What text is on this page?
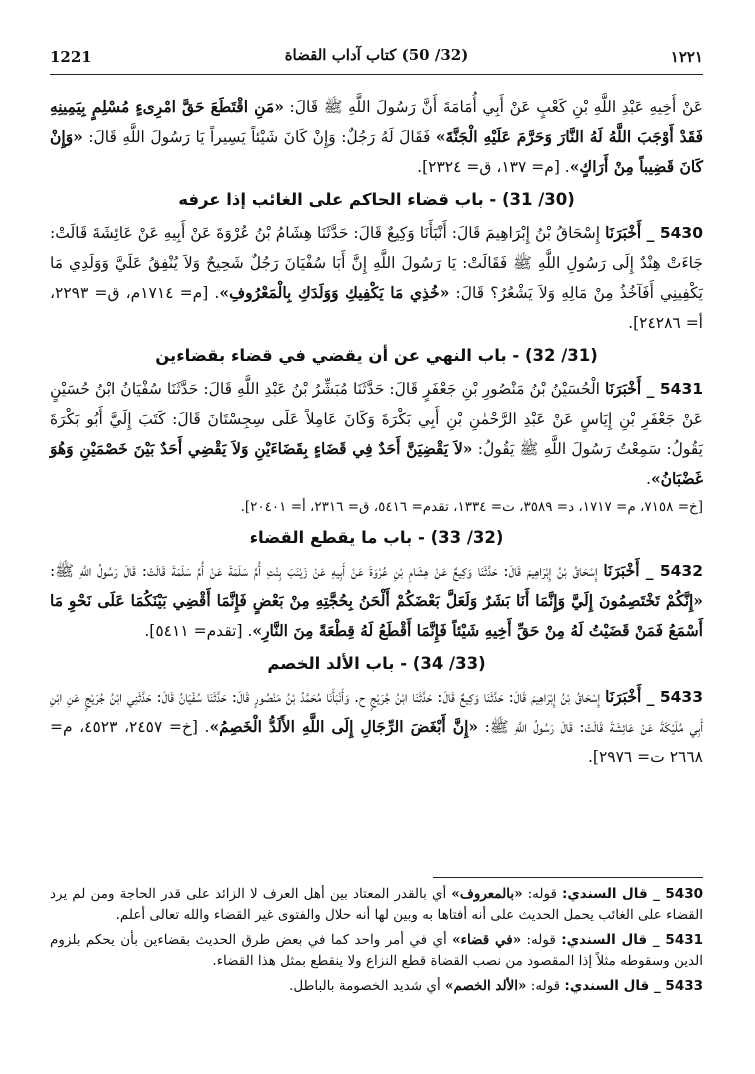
1221	(32/ 50) كتاب آداب القضاة	١٢٢١

عَنْ أَخِيهِ عَبْدِ اللَّهِ بْنِ كَعْبٍ عَنْ أَبِي أُمَامَةَ أَنَّ رَسُولَ اللَّهِ ﷺ قَالَ: «مَنِ اقْتَطَعَ حَقَّ امْرِىءٍ مُسْلِمٍ بِيَمِينِهِ فَقَدْ أَوْجَبَ اللَّهُ لَهُ النَّارَ وَحَرَّمَ عَلَيْهِ الْجَنَّةَ» فَقَالَ لَهُ رَجُلٌ: وَإِنْ كَانَ شَيْئاً يَسِيراً يَا رَسُولَ اللَّهِ قَالَ: «وَإِنْ كَانَ قَضِيباً مِنْ أَرَاكٍ». [م= ١٣٧، ق= ٢٣٢٤].

(30/ 31) - باب قضاء الحاكم على الغائب إذا عرفه

5430 _ أَخْبَرَنَا إِسْحَاقُ بْنُ إِبْرَاهِيمَ قَالَ: أَنْبَأَنَا وَكِيعٌ قَالَ: حَدَّثَنَا هِشَامُ بْنُ عُرْوَةَ عَنْ أَبِيهِ عَنْ عَائِشَةَ قَالَتْ: جَاءَتْ هِنْدٌ إِلَى رَسُولِ اللَّهِ ﷺ فَقَالَتْ: يَا رَسُولَ اللَّهِ إِنَّ أَبَا سُفْيَانَ رَجُلٌ شَحِيحٌ وَلاَ يُنْفِقُ عَلَيَّ وَوَلَدِي مَا يَكْفِينِي أَفَآخُذُ مِنْ مَالِهِ وَلاَ يَشْعُرُ؟ قَالَ: «خُذِي مَا يَكْفِيكِ وَوَلَدَكِ بِالْمَعْرُوفِ». [م= ١٧١٤م، ق= ٢٢٩٣، أ= ٢٤٢٨٦].

(31/ 32) - باب النهي عن أن يقضي في قضاء بقضاءين

5431 _ أَخْبَرَنَا الْحُسَيْنُ بْنُ مَنْصُورِ بْنِ جَعْفَرٍ قَالَ: حَدَّثَنَا مُبَشِّرُ بْنُ عَبْدِ اللَّهِ قَالَ: حَدَّثَنَا سُفْيَانُ ابْنُ حُسَيْنٍ عَنْ جَعْفَرِ بْنِ إِيَاسٍ عَنْ عَبْدِ الرَّحْمٰنِ بْنِ أَبِي بَكْرَةَ وَكَانَ عَامِلاً عَلَى سِجِسْتَانَ قَالَ: كَتَبَ إِلَيَّ أَبُو بَكْرَةَ يَقُولُ: سَمِعْتُ رَسُولَ اللَّهِ ﷺ يَقُولُ: «لاَ يَقْضِيَنَّ أَحَدٌ فِي قَضَاءٍ بِقَضَاءَيْنِ وَلاَ يَقْضِي أَحَدٌ بَيْنَ خَصْمَيْنِ وَهُوَ غَضْبَانُ».

[خ= ٧١٥٨، م= ١٧١٧، د= ٣٥٨٩، ت= ١٣٣٤، تقدم= ٥٤١٦، ق= ٢٣١٦، أ= ٢٠٤٠١].

(32/ 33) - باب ما يقطع القضاء

5432 _ أَخْبَرَنَا إِسْحَاقُ بْنُ إِبْرَاهِيمَ قَالَ: حَدَّثَنَا وَكِيعٌ عَنْ هِشَامِ بْنِ عُرْوَةَ عَنْ أَبِيهِ عَنْ زَيْنَبَ بِنْتِ أُمِّ سَلَمَةَ عَنْ أُمِّ سَلَمَةَ قَالَتْ: قَالَ رَسُولُ اللَّهِ ﷺ: «إِنَّكُمْ تَخْتَصِمُونَ إِلَيَّ وَإِنَّمَا أَنَا بَشَرٌ وَلَعَلَّ بَعْضَكُمْ أَلْحَنُ بِحُجَّتِهِ مِنْ بَعْضٍ فَإِنَّمَا أَقْضِي بَيْنَكُمَا عَلَى نَحْوِ مَا أَسْمَعُ فَمَنْ قَضَيْتُ لَهُ مِنْ حَقِّ أَخِيهِ شَيْئاً فَإِنَّمَا أَقْطَعُ لَهُ قِطْعَةً مِنَ النَّارِ». [تقدم= ٥٤١١].

(33/ 34) - باب الألد الخصم

5433 _ أَخْبَرَنَا إِسْحَاقُ بْنُ إِبْرَاهِيمَ قَالَ: حَدَّثَنَا وَكِيعٌ قَالَ: حَدَّثَنَا ابْنُ جُرَيْجٍ ح. وَأَنْبَأَنَا مُحَمَّدُ بْنُ مَنْصُورٍ قَالَ: حَدَّثَنَا سُفْيَانُ قَالَ: حَدَّثَنِي ابْنُ جُرَيْجٍ عَنِ ابْنِ أَبِي مُلَيْكَةَ عَنْ عَائِشَةَ قَالَتْ: قَالَ رَسُولُ اللَّهِ ﷺ: «إِنَّ أَبْغَضَ الرِّجَالِ إِلَى اللَّهِ الأَلَدُّ الْخَصِمُ». [خ= ٢٤٥٧، ٤٥٢٣، م= ٢٦٦٨ ت= ٢٩٧٦].

5430 _ قال السندي: قوله: «بالمعروف» أي بالقدر المعتاد بين أهل العرف لا الزائد على قدر الحاجة ومن لم يرد القضاء على الغائب يحمل الحديث على أنه أفتاها به وبين لها أنه حلال والفتوى غير القضاء والله تعالى أعلم.

5431 _ قال السندي: قوله: «في قضاء» أي في أمر واحد كما في بعض طرق الحديث بقضاءين بأن يحكم بلزوم الدين وسقوطه مثلاً إذا المقصود من نصب القضاة قطع النزاع ولا ينقطع بمثل هذا القضاء.

5433 _ قال السندي: قوله: «الألد الخصم» أي شديد الخصومة بالباطل.
